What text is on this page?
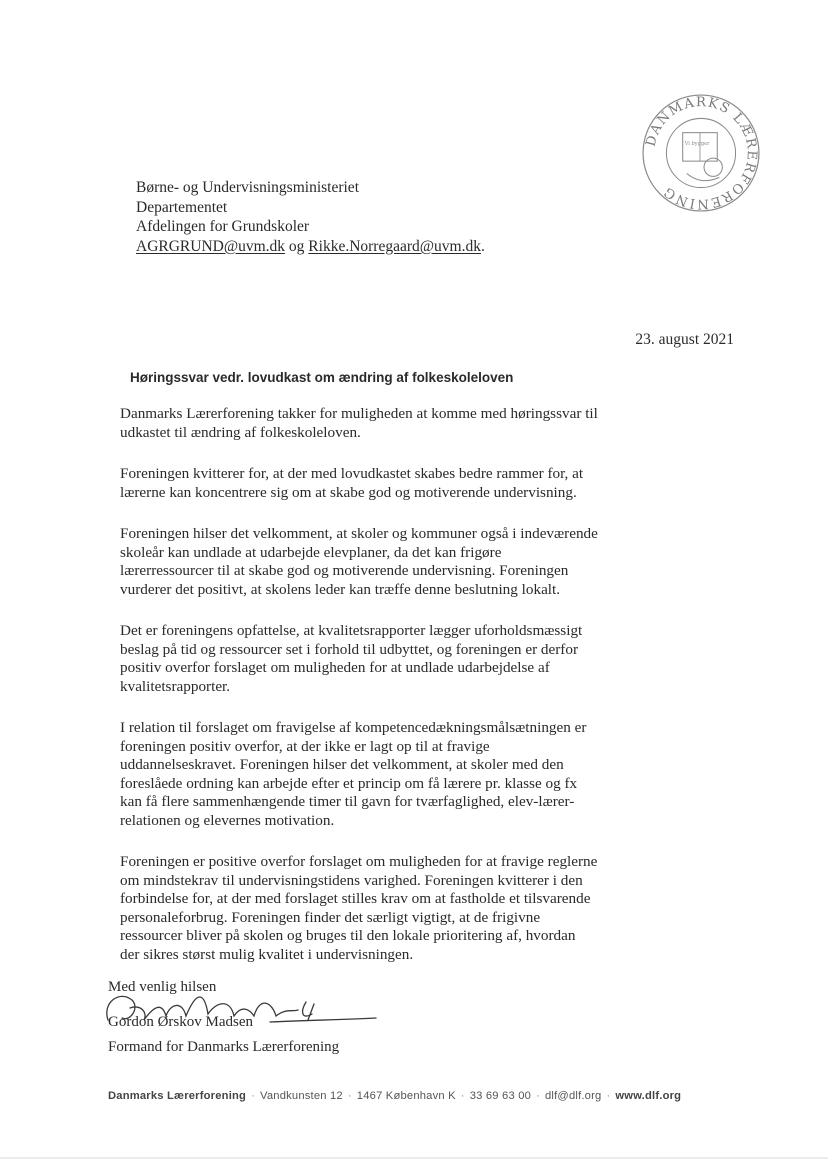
DANMARKS LÆRERFORENING
Vi bygger
Børne- og Undervisningsministeriet
Departementet
Afdelingen for Grundskoler
AGRGRUND@uvm.dk og Rikke.Norregaard@uvm.dk.
23. august 2021
Høringssvar vedr. lovudkast om ændring af folkeskoleloven

Danmarks Lærerforening takker for muligheden at komme med høringssvar til udkastet til ændring af folkeskoleloven.

Foreningen kvitterer for, at der med lovudkastet skabes bedre rammer for, at lærerne kan koncentrere sig om at skabe god og motiverende undervisning.

Foreningen hilser det velkomment, at skoler og kommuner også i indeværende skoleår kan undlade at udarbejde elevplaner, da det kan frigøre lærerressourcer til at skabe god og motiverende undervisning. Foreningen vurderer det positivt, at skolens leder kan træffe denne beslutning lokalt.

Det er foreningens opfattelse, at kvalitetsrapporter lægger uforholdsmæssigt beslag på tid og ressourcer set i forhold til udbyttet, og foreningen er derfor positiv overfor forslaget om muligheden for at undlade udarbejdelse af kvalitetsrapporter.

I relation til forslaget om fravigelse af kompetencedækningsmålsætningen er foreningen positiv overfor, at der ikke er lagt op til at fravige uddannelseskravet. Foreningen hilser det velkomment, at skoler med den foreslåede ordning kan arbejde efter et princip om få lærere pr. klasse og fx kan få flere sammenhængende timer til gavn for tværfaglighed, elev-lærer-relationen og elevernes motivation.

Foreningen er positive overfor forslaget om muligheden for at fravige reglerne om mindstekrav til undervisningstidens varighed. Foreningen kvitterer i den forbindelse for, at der med forslaget stilles krav om at fastholde et tilsvarende personaleforbrug. Foreningen finder det særligt vigtigt, at de frigivne ressourcer bliver på skolen og bruges til den lokale prioritering af, hvordan der sikres størst mulig kvalitet i undervisningen.

Med venlig hilsen
Gordon Ørskov Madsen
Formand for Danmarks Lærerforening
Danmarks Lærerforening · Vandkunsten 12 · 1467 København K · 33 69 63 00 · dlf@dlf.org · www.dlf.org
